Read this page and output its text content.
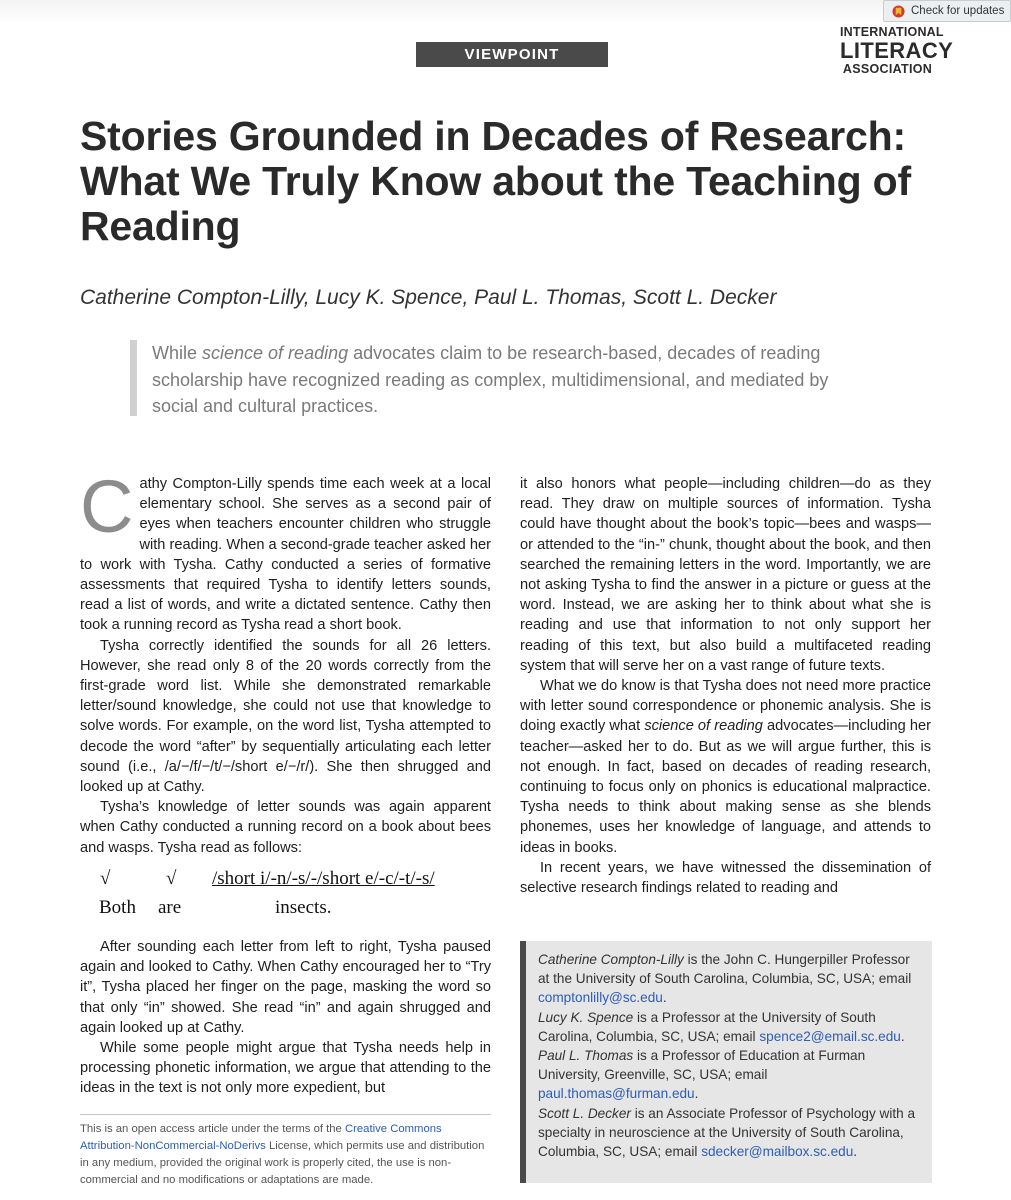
Check for updates
VIEWPOINT
INTERNATIONAL
LITERACY
ASSOCIATION
Stories Grounded in Decades of Research: What We Truly Know about the Teaching of Reading
Catherine Compton-Lilly, Lucy K. Spence, Paul L. Thomas, Scott L. Decker
While science of reading advocates claim to be research-based, decades of reading scholarship have recognized reading as complex, multidimensional, and mediated by social and cultural practices.

Cathy Compton-Lilly spends time each week at a local elementary school. She serves as a second pair of eyes when teachers encounter children who struggle with reading. When a second-grade teacher asked her to work with Tysha. Cathy conducted a series of formative assessments that required Tysha to identify letters sounds, read a list of words, and write a dictated sentence. Cathy then took a running record as Tysha read a short book.

Tysha correctly identified the sounds for all 26 letters. However, she read only 8 of the 20 words correctly from the first-grade word list. While she demonstrated remarkable letter/sound knowledge, she could not use that knowledge to solve words. For example, on the word list, Tysha attempted to decode the word “after” by sequentially articulating each letter sound (i.e., /a/−/f/−/t/−/short e/−/r/). She then shrugged and looked up at Cathy.

Tysha’s knowledge of letter sounds was again apparent when Cathy conducted a running record on a book about bees and wasps. Tysha read as follows:

√	√ /short i/-n/-s/-/short e/-c/-t/-s/
Both are	insects.

After sounding each letter from left to right, Tysha paused again and looked to Cathy. When Cathy encouraged her to “Try it”, Tysha placed her finger on the page, masking the word so that only “in” showed. She read “in” and again shrugged and again looked up at Cathy.

While some people might argue that Tysha needs help in processing phonetic information, we argue that attending to the ideas in the text is not only more expedient, but

it also honors what people—including children—do as they read. They draw on multiple sources of information. Tysha could have thought about the book’s topic—bees and wasps—or attended to the “in-” chunk, thought about the book, and then searched the remaining letters in the word. Importantly, we are not asking Tysha to find the answer in a picture or guess at the word. Instead, we are asking her to think about what she is reading and use that information to not only support her reading of this text, but also build a multifaceted reading system that will serve her on a vast range of future texts.

What we do know is that Tysha does not need more practice with letter sound correspondence or phonemic analysis. She is doing exactly what science of reading advocates—including her teacher—asked her to do. But as we will argue further, this is not enough. In fact, based on decades of reading research, continuing to focus only on phonics is educational malpractice. Tysha needs to think about making sense as she blends phonemes, uses her knowledge of language, and attends to ideas in books.

In recent years, we have witnessed the dissemination of selective research findings related to reading and

This is an open access article under the terms of the Creative Commons Attribution-NonCommercial-NoDerivs License, which permits use and distribution in any medium, provided the original work is properly cited, the use is non-commercial and no modifications or adaptations are made.

Catherine Compton-Lilly is the John C. Hungerpiller Professor at the University of South Carolina, Columbia, SC, USA; email comptonlilly@sc.edu.

Lucy K. Spence is a Professor at the University of South Carolina, Columbia, SC, USA; email spence2@email.sc.edu.

Paul L. Thomas is a Professor of Education at Furman University, Greenville, SC, USA; email paul.thomas@furman.edu.

Scott L. Decker is an Associate Professor of Psychology with a specialty in neuroscience at the University of South Carolina, Columbia, SC, USA; email sdecker@mailbox.sc.edu.
